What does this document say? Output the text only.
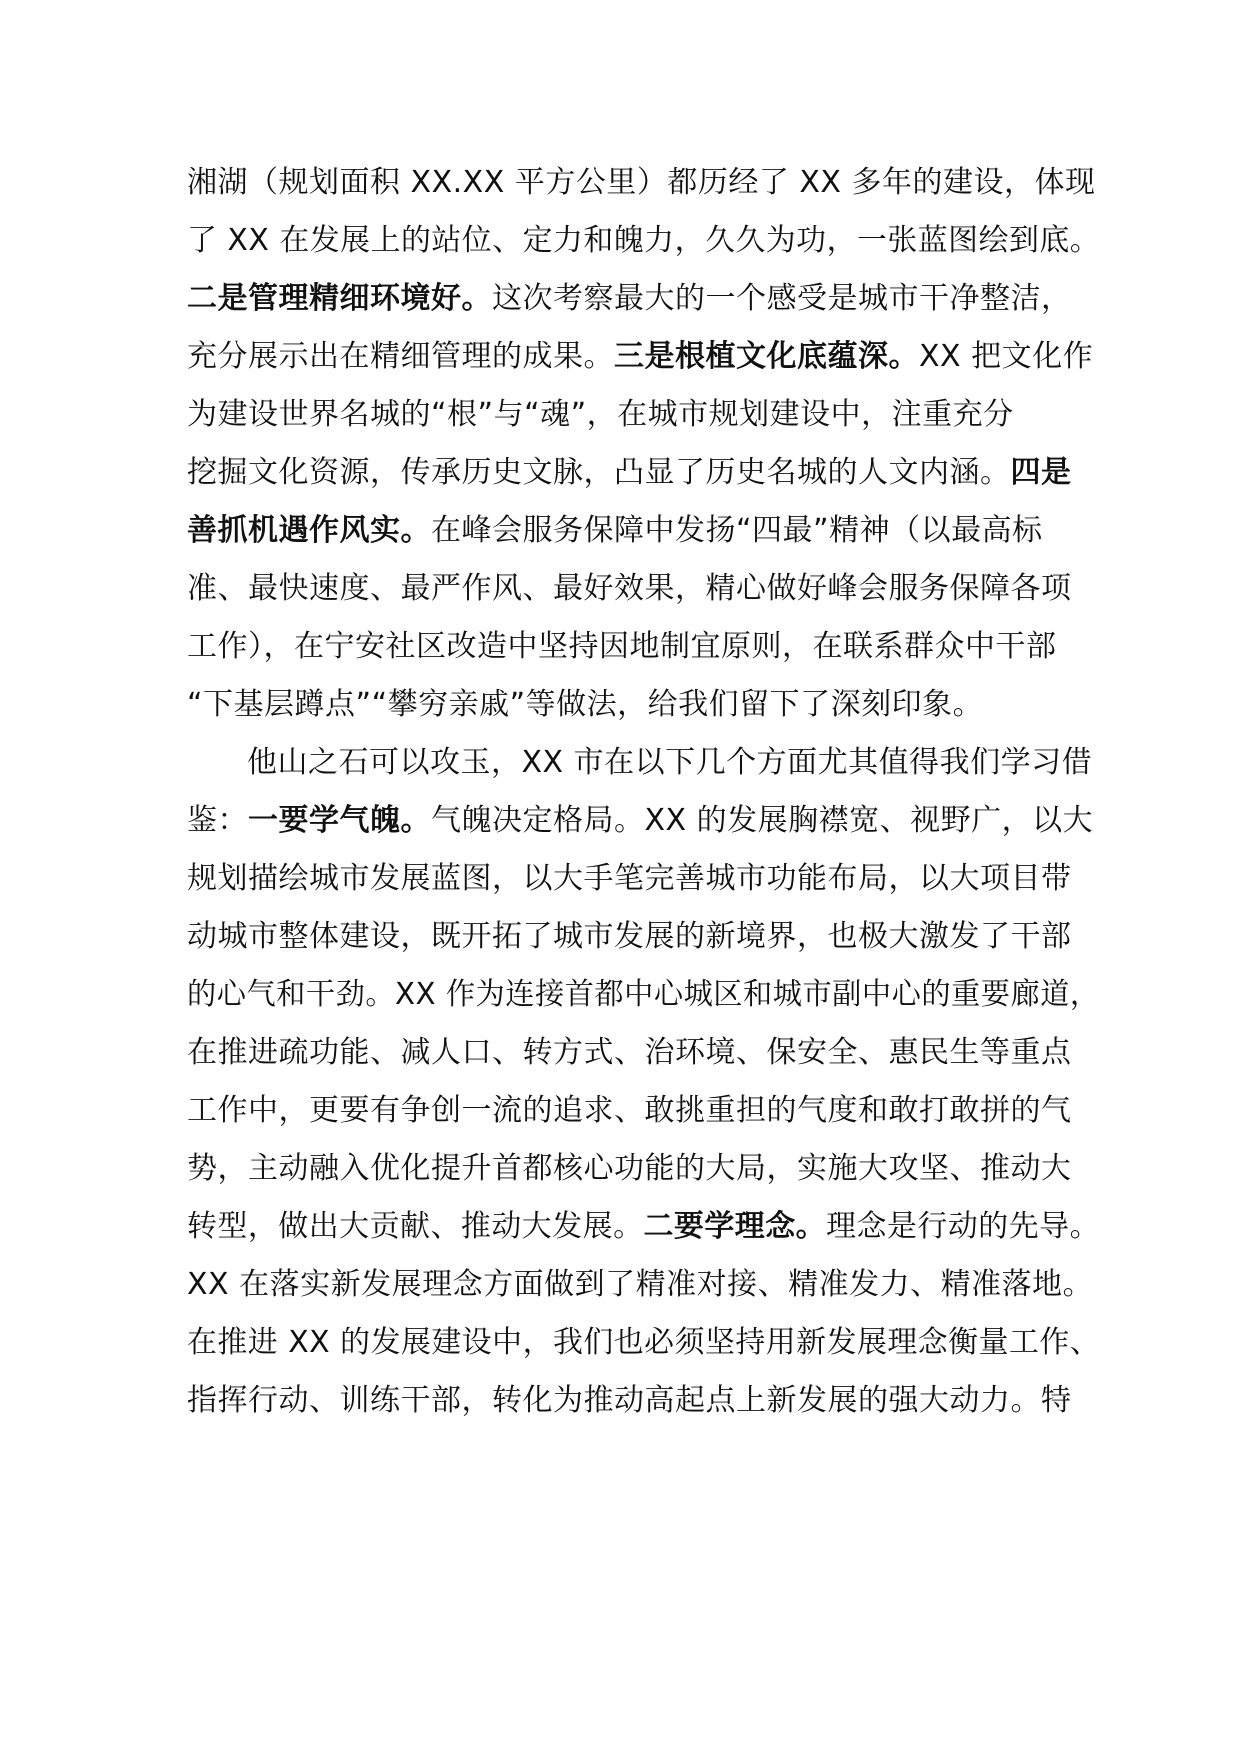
湘湖（规划面积 XX.XX 平方公里）都历经了 XX 多年的建设，体现
了 XX 在发展上的站位、定力和魄力，久久为功，一张蓝图绘到底。
二是管理精细环境好。这次考察最大的一个感受是城市干净整洁，
充分展示出在精细管理的成果。三是根植文化底蕴深。XX 把文化作
为建设世界名城的“根”与“魂”，在城市规划建设中，注重充分
挖掘文化资源，传承历史文脉，凸显了历史名城的人文内涵。四是
善抓机遇作风实。在峰会服务保障中发扬“四最”精神（以最高标
准、最快速度、最严作风、最好效果，精心做好峰会服务保障各项
工作），在宁安社区改造中坚持因地制宜原则，在联系群众中干部
“下基层蹲点”“攀穷亲戚”等做法，给我们留下了深刻印象。
他山之石可以攻玉，XX 市在以下几个方面尤其值得我们学习借
鉴：一要学气魄。气魄决定格局。XX 的发展胸襟宽、视野广，以大
规划描绘城市发展蓝图，以大手笔完善城市功能布局，以大项目带
动城市整体建设，既开拓了城市发展的新境界，也极大激发了干部
的心气和干劲。XX 作为连接首都中心城区和城市副中心的重要廊道，
在推进疏功能、减人口、转方式、治环境、保安全、惠民生等重点
工作中，更要有争创一流的追求、敢挑重担的气度和敢打敢拼的气
势，主动融入优化提升首都核心功能的大局，实施大攻坚、推动大
转型，做出大贡献、推动大发展。二要学理念。理念是行动的先导。
XX 在落实新发展理念方面做到了精准对接、精准发力、精准落地。
在推进 XX 的发展建设中，我们也必须坚持用新发展理念衡量工作、
指挥行动、训练干部，转化为推动高起点上新发展的强大动力。特
